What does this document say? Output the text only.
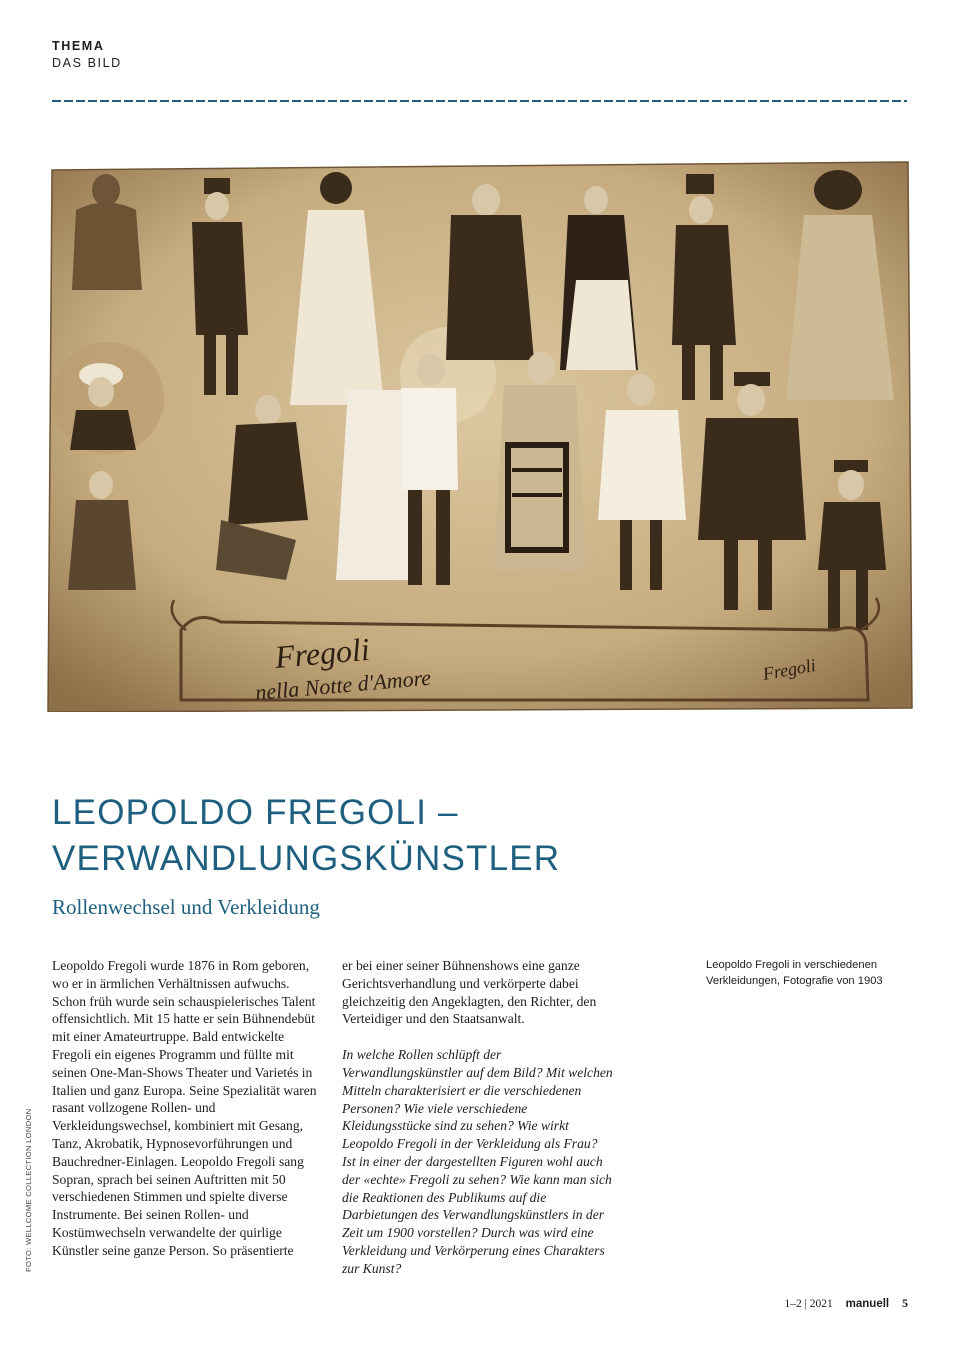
THEMA
DAS BILD
Fregoli
nella Notte d'Amore	Fregoli
LEOPOLDO FREGOLI –
VERWANDLUNGSKÜNSTLER
Rollenwechsel und Verkleidung
Leopoldo Fregoli wurde 1876 in Rom geboren, wo er in ärmlichen Verhältnissen aufwuchs. Schon früh wurde sein schauspielerisches Talent offensichtlich. Mit 15 hatte er sein Bühnendebüt mit einer Amateurtruppe. Bald entwickelte Fregoli ein eigenes Programm und füllte mit seinen One-Man-Shows Theater und Varietés in Italien und ganz Europa. Seine Spezialität waren rasant vollzogene Rollen- und Verkleidungswechsel, kombiniert mit Gesang, Tanz, Akrobatik, Hypnosevorführungen und Bauchredner-Einlagen. Leopoldo Fregoli sang Sopran, sprach bei seinen Auftritten mit 50 verschiedenen Stimmen und spielte diverse Instrumente. Bei seinen Rollen- und Kostümwechseln verwandelte der quirlige Künstler seine ganze Person. So präsentierte
er bei einer seiner Bühnenshows eine ganze Gerichtsverhandlung und verkörperte dabei gleichzeitig den Angeklagten, den Richter, den Verteidiger und den Staatsanwalt.
In welche Rollen schlüpft der Verwandlungskünstler auf dem Bild? Mit welchen Mitteln charakterisiert er die verschiedenen Personen? Wie viele verschiedene Kleidungsstücke sind zu sehen? Wie wirkt Leopoldo Fregoli in der Verkleidung als Frau? Ist in einer der dargestellten Figuren wohl auch der «echte» Fregoli zu sehen? Wie kann man sich die Reaktionen des Publikums auf die Darbietungen des Verwandlungskünstlers in der Zeit um 1900 vorstellen? Durch was wird eine Verkleidung und Verkörperung eines Charakters zur Kunst?
Leopoldo Fregoli in verschiedenen Verkleidungen, Fotografie von 1903
FOTO: WELLCOME COLLECTION LONDON
1–2 | 2021 manuell 5
